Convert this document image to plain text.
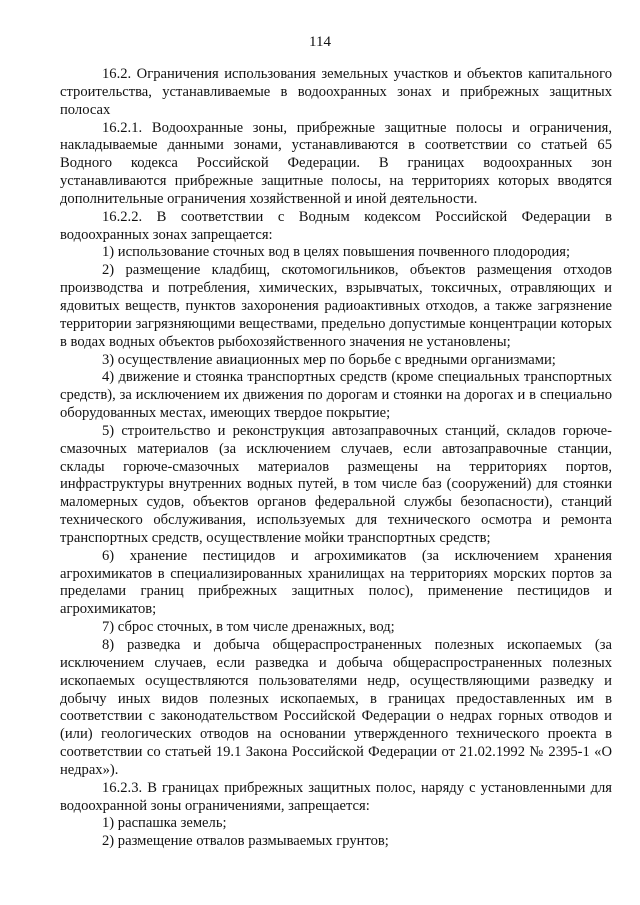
114

16.2. Ограничения использования земельных участков и объектов капитального строительства, устанавливаемые в водоохранных зонах и прибрежных защитных полосах

16.2.1. Водоохранные зоны, прибрежные защитные полосы и ограничения, накладываемые данными зонами, устанавливаются в соответствии со статьей 65 Водного кодекса Российской Федерации. В границах водоохранных зон устанавливаются прибрежные защитные полосы, на территориях которых вводятся дополнительные ограничения хозяйственной и иной деятельности.

16.2.2. В соответствии с Водным кодексом Российской Федерации в водоохранных зонах запрещается:

1) использование сточных вод в целях повышения почвенного плодородия;

2) размещение кладбищ, скотомогильников, объектов размещения отходов производства и потребления, химических, взрывчатых, токсичных, отравляющих и ядовитых веществ, пунктов захоронения радиоактивных отходов, а также загрязнение территории загрязняющими веществами, предельно допустимые концентрации которых в водах водных объектов рыбохозяйственного значения не установлены;

3) осуществление авиационных мер по борьбе с вредными организмами;

4) движение и стоянка транспортных средств (кроме специальных транспортных средств), за исключением их движения по дорогам и стоянки на дорогах и в специально оборудованных местах, имеющих твердое покрытие;

5) строительство и реконструкция автозаправочных станций, складов горюче-смазочных материалов (за исключением случаев, если автозаправочные станции, склады горюче-смазочных материалов размещены на территориях портов, инфраструктуры внутренних водных путей, в том числе баз (сооружений) для стоянки маломерных судов, объектов органов федеральной службы безопасности), станций технического обслуживания, используемых для технического осмотра и ремонта транспортных средств, осуществление мойки транспортных средств;

6) хранение пестицидов и агрохимикатов (за исключением хранения агрохимикатов в специализированных хранилищах на территориях морских портов за пределами границ прибрежных защитных полос), применение пестицидов и агрохимикатов;

7) сброс сточных, в том числе дренажных, вод;

8) разведка и добыча общераспространенных полезных ископаемых (за исключением случаев, если разведка и добыча общераспространенных полезных ископаемых осуществляются пользователями недр, осуществляющими разведку и добычу иных видов полезных ископаемых, в границах предоставленных им в соответствии с законодательством Российской Федерации о недрах горных отводов и (или) геологических отводов на основании утвержденного технического проекта в соответствии со статьей 19.1 Закона Российской Федерации от 21.02.1992 № 2395-1 «О недрах»).

16.2.3. В границах прибрежных защитных полос, наряду с установленными для водоохранной зоны ограничениями, запрещается:

1) распашка земель;

2) размещение отвалов размываемых грунтов;
